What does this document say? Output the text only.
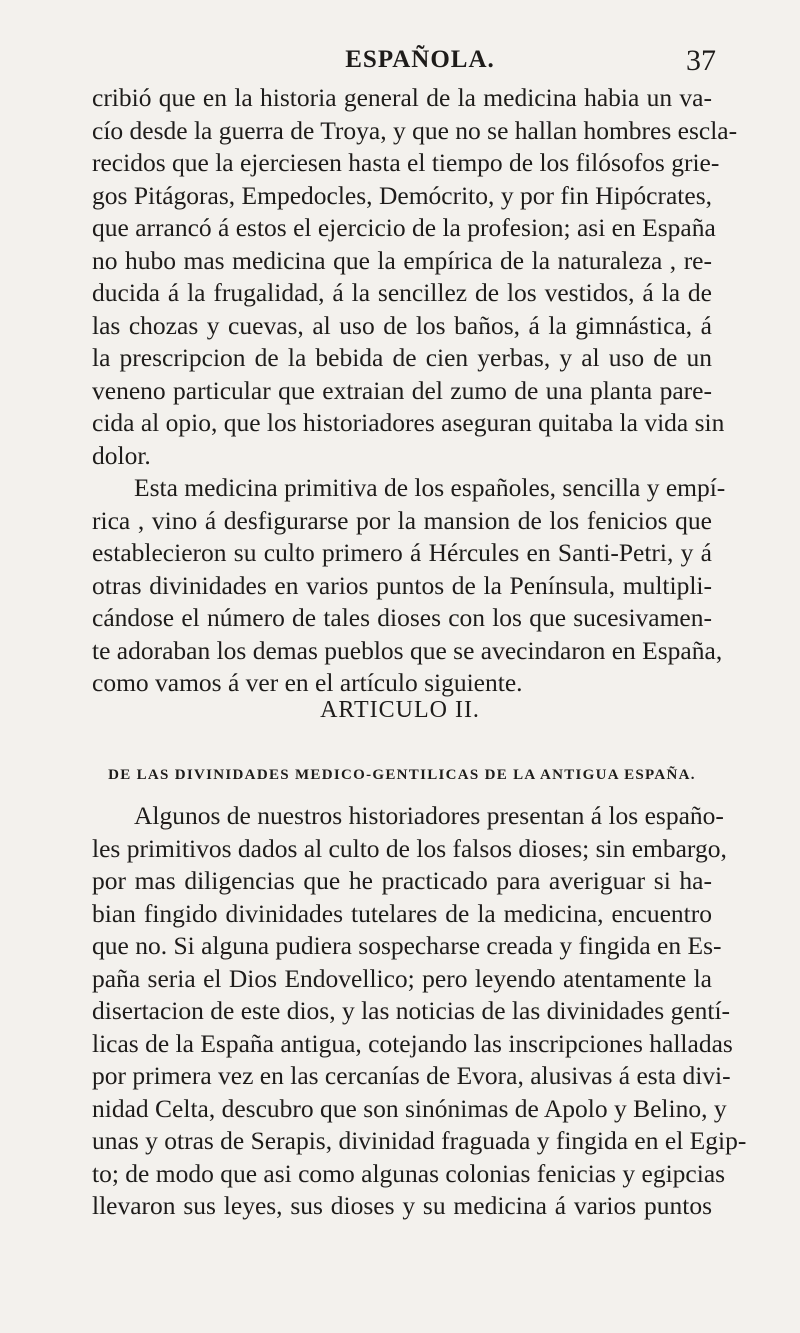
ESPAÑOLA.	37
cribió que en la historia general de la medicina habia un va-
cío desde la guerra de Troya, y que no se hallan hombres escla-
recidos que la ejerciesen hasta el tiempo de los filósofos grie-
gos Pitágoras, Empedocles, Demócrito, y por fin Hipócrates,
que arrancó á estos el ejercicio de la profesion; asi en España
no hubo mas medicina que la empírica de la naturaleza , re-
ducida á la frugalidad, á la sencillez de los vestidos, á la de
las chozas y cuevas, al uso de los baños, á la gimnástica, á
la prescripcion de la bebida de cien yerbas, y al uso de un
veneno particular que extraian del zumo de una planta pare-
cida al opio, que los historiadores aseguran quitaba la vida sin
dolor.
Esta medicina primitiva de los españoles, sencilla y empí-
rica , vino á desfigurarse por la mansion de los fenicios que
establecieron su culto primero á Hércules en Santi-Petri, y á
otras divinidades en varios puntos de la Península, multipli-
cándose el número de tales dioses con los que sucesivamen-
te adoraban los demas pueblos que se avecindaron en España,
como vamos á ver en el artículo siguiente.
ARTICULO II.
DE LAS DIVINIDADES MEDICO-GENTILICAS DE LA ANTIGUA ESPAÑA.
Algunos de nuestros historiadores presentan á los españo-
les primitivos dados al culto de los falsos dioses; sin embargo,
por mas diligencias que he practicado para averiguar si ha-
bian fingido divinidades tutelares de la medicina, encuentro
que no. Si alguna pudiera sospecharse creada y fingida en Es-
paña seria el Dios Endovellico; pero leyendo atentamente la
disertacion de este dios, y las noticias de las divinidades gentí-
licas de la España antigua, cotejando las inscripciones halladas
por primera vez en las cercanías de Evora, alusivas á esta divi-
nidad Celta, descubro que son sinónimas de Apolo y Belino, y
unas y otras de Serapis, divinidad fraguada y fingida en el Egip-
to; de modo que asi como algunas colonias fenicias y egipcias
llevaron sus leyes, sus dioses y su medicina á varios puntos
